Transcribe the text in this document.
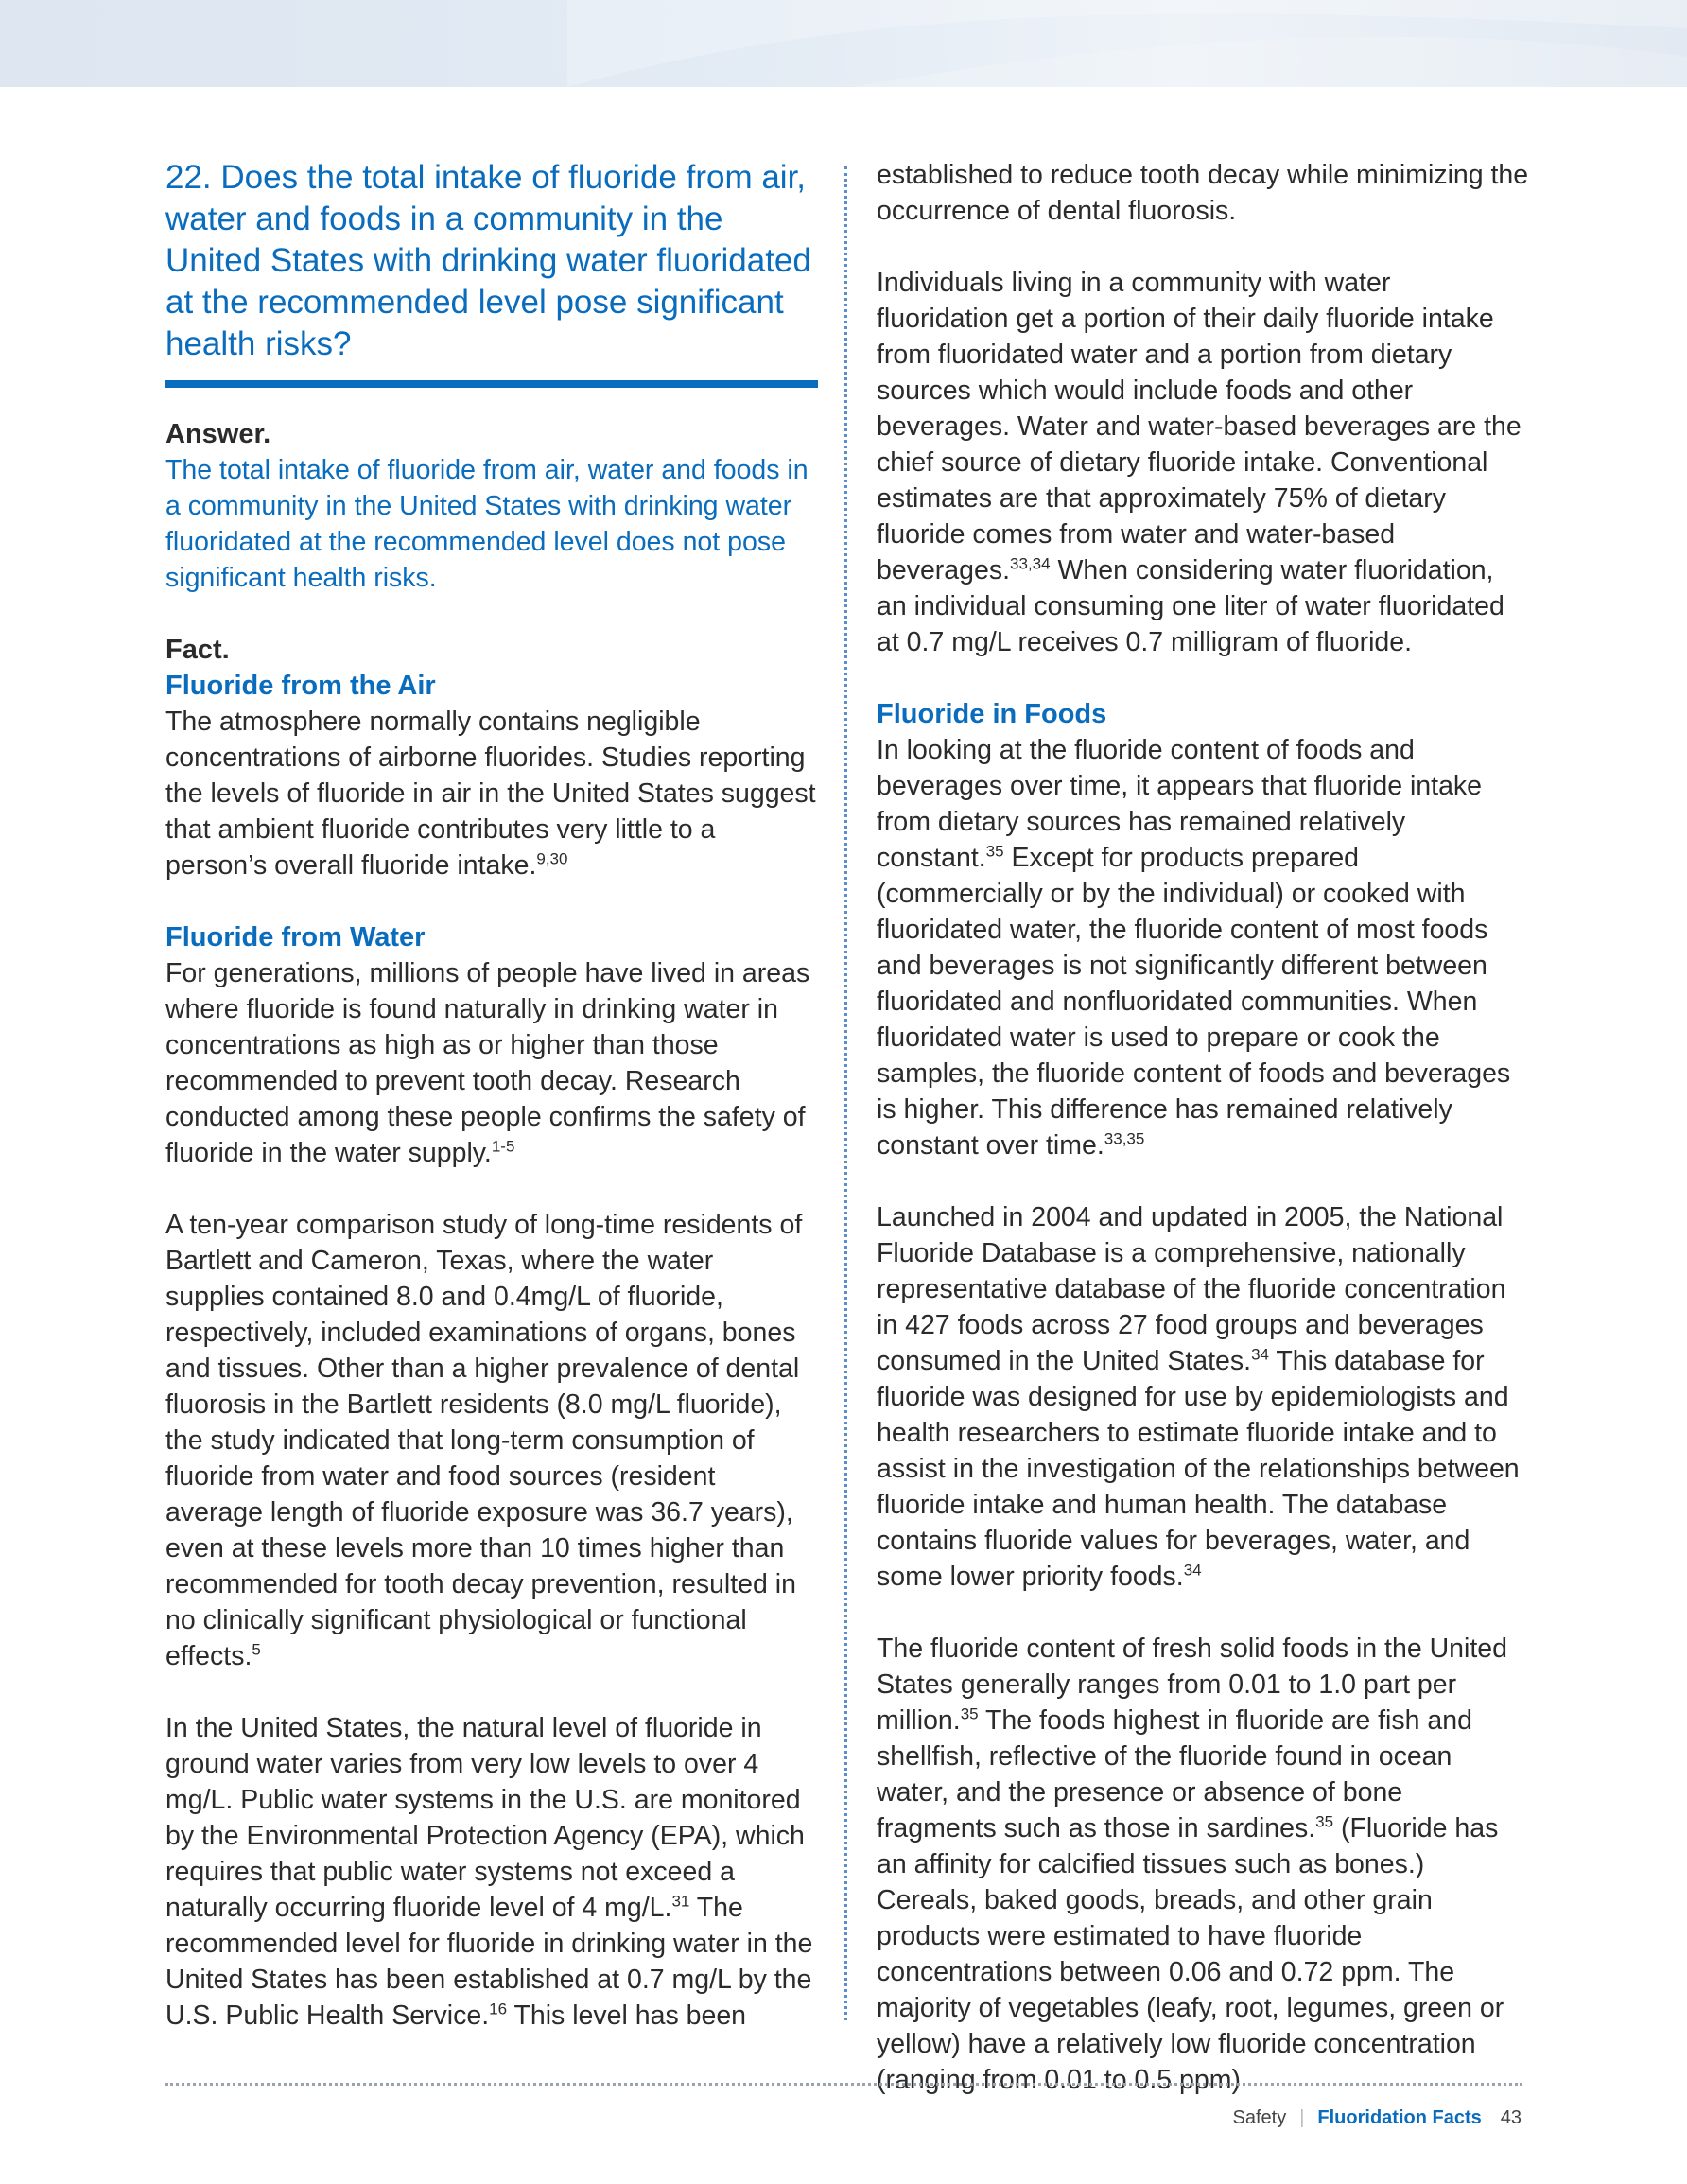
22. Does the total intake of fluoride from air, water and foods in a community in the United States with drinking water fluoridated at the recommended level pose significant health risks?
Answer.

The total intake of fluoride from air, water and foods in a community in the United States with drinking water fluoridated at the recommended level does not pose significant health risks.

Fact.
Fluoride from the Air

The atmosphere normally contains negligible concentrations of airborne fluorides. Studies reporting the levels of fluoride in air in the United States suggest that ambient fluoride contributes very little to a person’s overall fluoride intake.$^{9,30}$

Fluoride from Water

For generations, millions of people have lived in areas where fluoride is found naturally in drinking water in concentrations as high as or higher than those recommended to prevent tooth decay. Research conducted among these people confirms the safety of fluoride in the water supply.$^{1-5}$

A ten-year comparison study of long-time residents of Bartlett and Cameron, Texas, where the water supplies contained 8.0 and 0.4mg/L of fluoride, respectively, included examinations of organs, bones and tissues. Other than a higher prevalence of dental fluorosis in the Bartlett residents (8.0 mg/L fluoride), the study indicated that long-term consumption of fluoride from water and food sources (resident average length of fluoride exposure was 36.7 years), even at these levels more than 10 times higher than recommended for tooth decay prevention, resulted in no clinically significant physiological or functional effects.$^5$

In the United States, the natural level of fluoride in ground water varies from very low levels to over 4 mg/L. Public water systems in the U.S. are monitored by the Environmental Protection Agency (EPA), which requires that public water systems not exceed a naturally occurring fluoride level of 4 mg/L.$^{31}$ The recommended level for fluoride in drinking water in the United States has been established at 0.7 mg/L by the U.S. Public Health Service.$^{16}$ This level has been

established to reduce tooth decay while minimizing the occurrence of dental fluorosis.

Individuals living in a community with water fluoridation get a portion of their daily fluoride intake from fluoridated water and a portion from dietary sources which would include foods and other beverages. Water and water-based beverages are the chief source of dietary fluoride intake. Conventional estimates are that approximately 75% of dietary fluoride comes from water and water-based beverages.$^{33,34}$ When considering water fluoridation, an individual consuming one liter of water fluoridated at 0.7 mg/L receives 0.7 milligram of fluoride.

Fluoride in Foods

In looking at the fluoride content of foods and beverages over time, it appears that fluoride intake from dietary sources has remained relatively constant.$^{35}$ Except for products prepared (commercially or by the individual) or cooked with fluoridated water, the fluoride content of most foods and beverages is not significantly different between fluoridated and nonfluoridated communities. When fluoridated water is used to prepare or cook the samples, the fluoride content of foods and beverages is higher. This difference has remained relatively constant over time.$^{33,35}$

Launched in 2004 and updated in 2005, the National Fluoride Database is a comprehensive, nationally representative database of the fluoride concentration in 427 foods across 27 food groups and beverages consumed in the United States.$^{34}$ This database for fluoride was designed for use by epidemiologists and health researchers to estimate fluoride intake and to assist in the investigation of the relationships between fluoride intake and human health. The database contains fluoride values for beverages, water, and some lower priority foods.$^{34}$

The fluoride content of fresh solid foods in the United States generally ranges from 0.01 to 1.0 part per million.$^{35}$ The foods highest in fluoride are fish and shellfish, reflective of the fluoride found in ocean water, and the presence or absence of bone fragments such as those in sardines.$^{35}$ (Fluoride has an affinity for calcified tissues such as bones.) Cereals, baked goods, breads, and other grain products were estimated to have fluoride concentrations between 0.06 and 0.72 ppm. The majority of vegetables (leafy, root, legumes, green or yellow) have a relatively low fluoride concentration (ranging from 0.01 to 0.5 ppm)

Safety | Fluoridation Facts 43
